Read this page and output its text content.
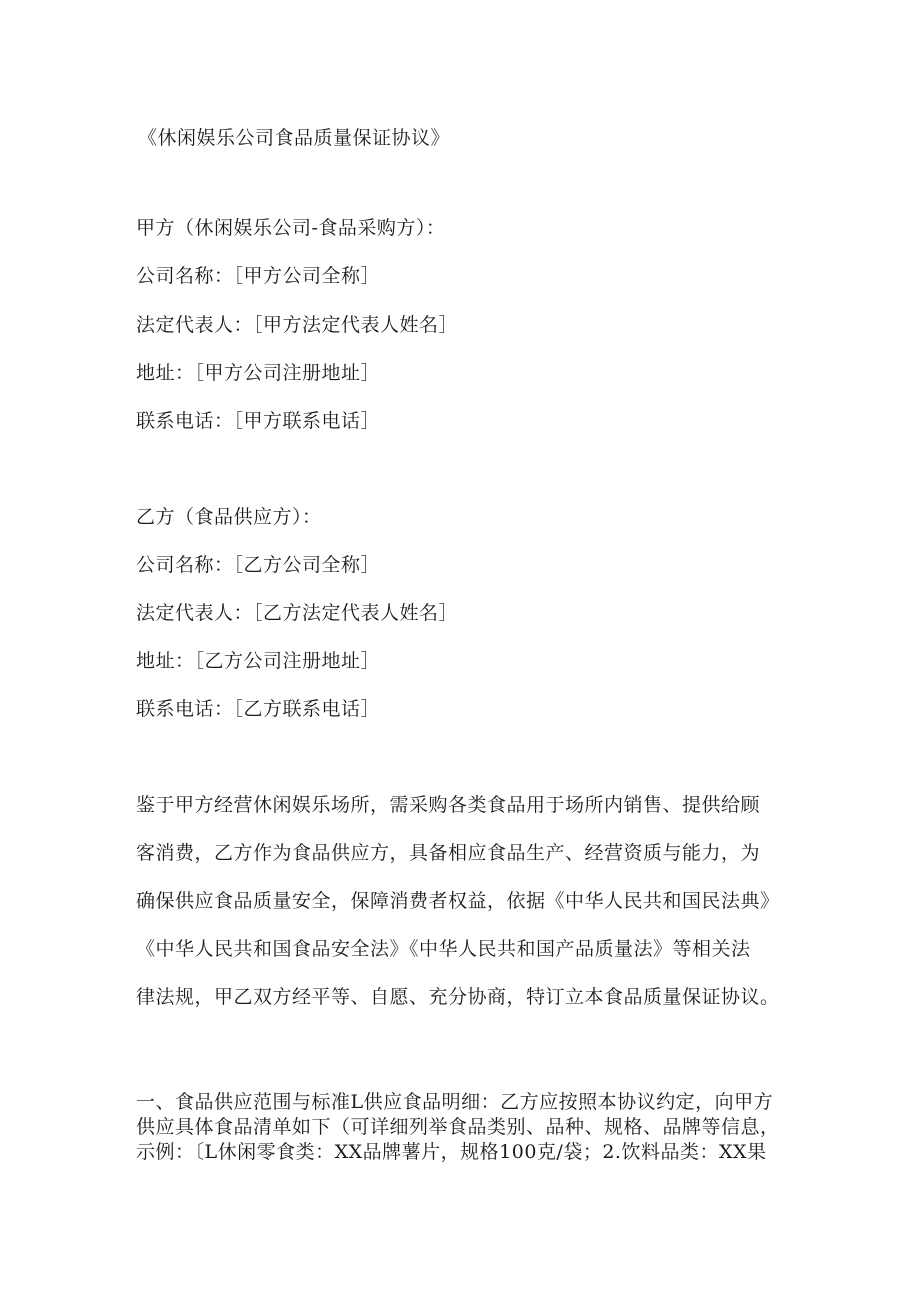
《休闲娱乐公司食品质量保证协议》
甲方（休闲娱乐公司-食品采购方）：
公司名称：［甲方公司全称］
法定代表人：［甲方法定代表人姓名］
地址：［甲方公司注册地址］
联系电话：［甲方联系电话］
乙方（食品供应方）：
公司名称：［乙方公司全称］
法定代表人：［乙方法定代表人姓名］
地址：［乙方公司注册地址］
联系电话：［乙方联系电话］
鉴于甲方经营休闲娱乐场所，需采购各类食品用于场所内销售、提供给顾
客消费，乙方作为食品供应方，具备相应食品生产、经营资质与能力，为
确保供应食品质量安全，保障消费者权益，依据《中华人民共和国民法典》
《中华人民共和国食品安全法》《中华人民共和国产品质量法》等相关法
律法规，甲乙双方经平等、自愿、充分协商，特订立本食品质量保证协议。
一、食品供应范围与标准L供应食品明细：乙方应按照本协议约定，向甲方
供应具体食品清单如下（可详细列举食品类别、品种、规格、品牌等信息，
示例：〔L休闲零食类：XX品牌薯片，规格100克/袋；2.饮料品类：XX果
